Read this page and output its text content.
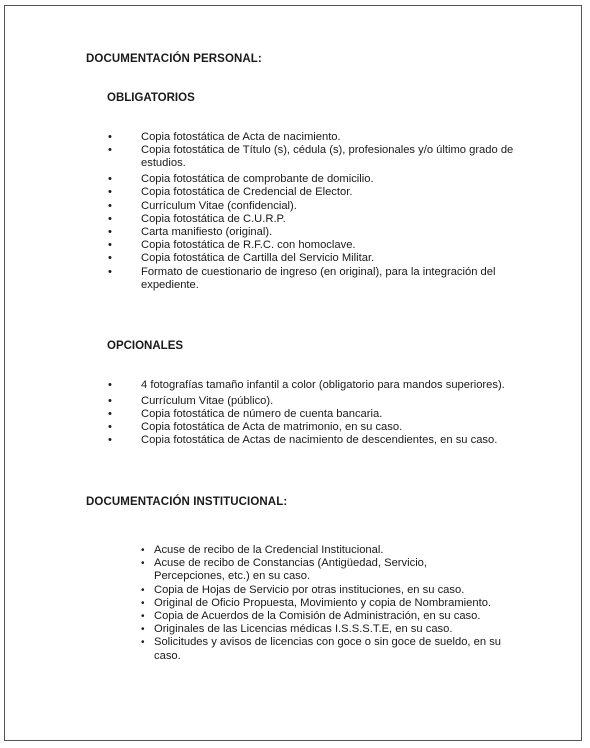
DOCUMENTACIÓN PERSONAL:
OBLIGATORIOS
•	Copia fotostática de Acta de nacimiento.
•	Copia fotostática de Título (s), cédula (s), profesionales y/o último grado de estudios.
•	Copia fotostática de comprobante de domicilio.
•	Copia fotostática de Credencial de Elector.
•	Currículum Vitae (confidencial).
•	Copia fotostática de C.U.R.P.
•	Carta manifiesto (original).
•	Copia fotostática de R.F.C. con homoclave.
•	Copia fotostática de Cartilla del Servicio Militar.
•	Formato de cuestionario de ingreso (en original), para la integración del expediente.
OPCIONALES
•	4 fotografías tamaño infantil a color (obligatorio para mandos superiores).
•	Currículum Vitae (público).
•	Copia fotostática de número de cuenta bancaria.
•	Copia fotostática de Acta de matrimonio, en su caso.
•	Copia fotostática de Actas de nacimiento de descendientes, en su caso.
DOCUMENTACIÓN INSTITUCIONAL:
• Acuse de recibo de la Credencial Institucional.
• Acuse de recibo de Constancias (Antigüedad, Servicio, Percepciones, etc.) en su caso.
• Copia de Hojas de Servicio por otras instituciones, en su caso.
• Original de Oficio Propuesta, Movimiento y copia de Nombramiento.
• Copia de Acuerdos de la Comisión de Administración, en su caso.
• Originales de las Licencias médicas I.S.S.S.T.E, en su caso.
• Solicitudes y avisos de licencias con goce o sin goce de sueldo, en su caso.
